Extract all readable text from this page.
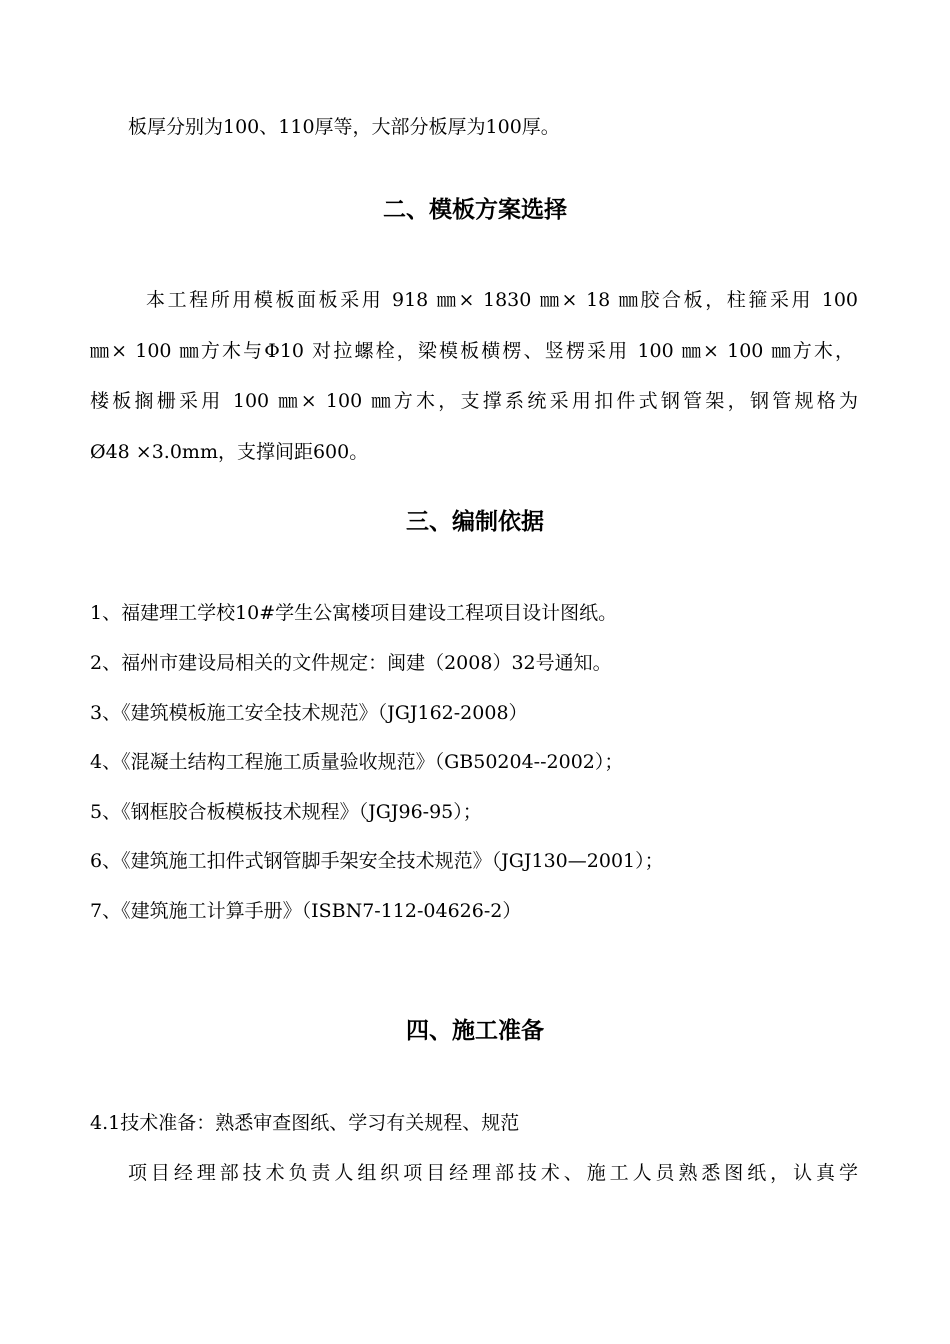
板厚分别为100、110厚等，大部分板厚为100厚。
二、模板方案选择
本工程所用模板面板采用 918 ㎜× 1830 ㎜× 18 ㎜胶合板，柱箍采用 100
㎜× 100 ㎜方木与Φ10 对拉螺栓，梁模板横楞、竖楞采用 100 ㎜× 100 ㎜方木，
楼板搁栅采用 100 ㎜× 100 ㎜方木，支撑系统采用扣件式钢管架，钢管规格为
Ø48 ×3.0mm，支撑间距600。
三、编制依据
1、福建理工学校10#学生公寓楼项目建设工程项目设计图纸。
2、福州市建设局相关的文件规定：闽建（2008）32号通知。
3、《建筑模板施工安全技术规范》（JGJ162-2008）
4、《混凝土结构工程施工质量验收规范》（GB50204--2002）；
5、《钢框胶合板模板技术规程》（JGJ96-95）；
6、《建筑施工扣件式钢管脚手架安全技术规范》（JGJ130—2001）；
7、《建筑施工计算手册》（ISBN7-112-04626-2）
四、施工准备
4.1技术准备：熟悉审查图纸、学习有关规程、规范
项目经理部技术负责人组织项目经理部技术、施工人员熟悉图纸，认真学
